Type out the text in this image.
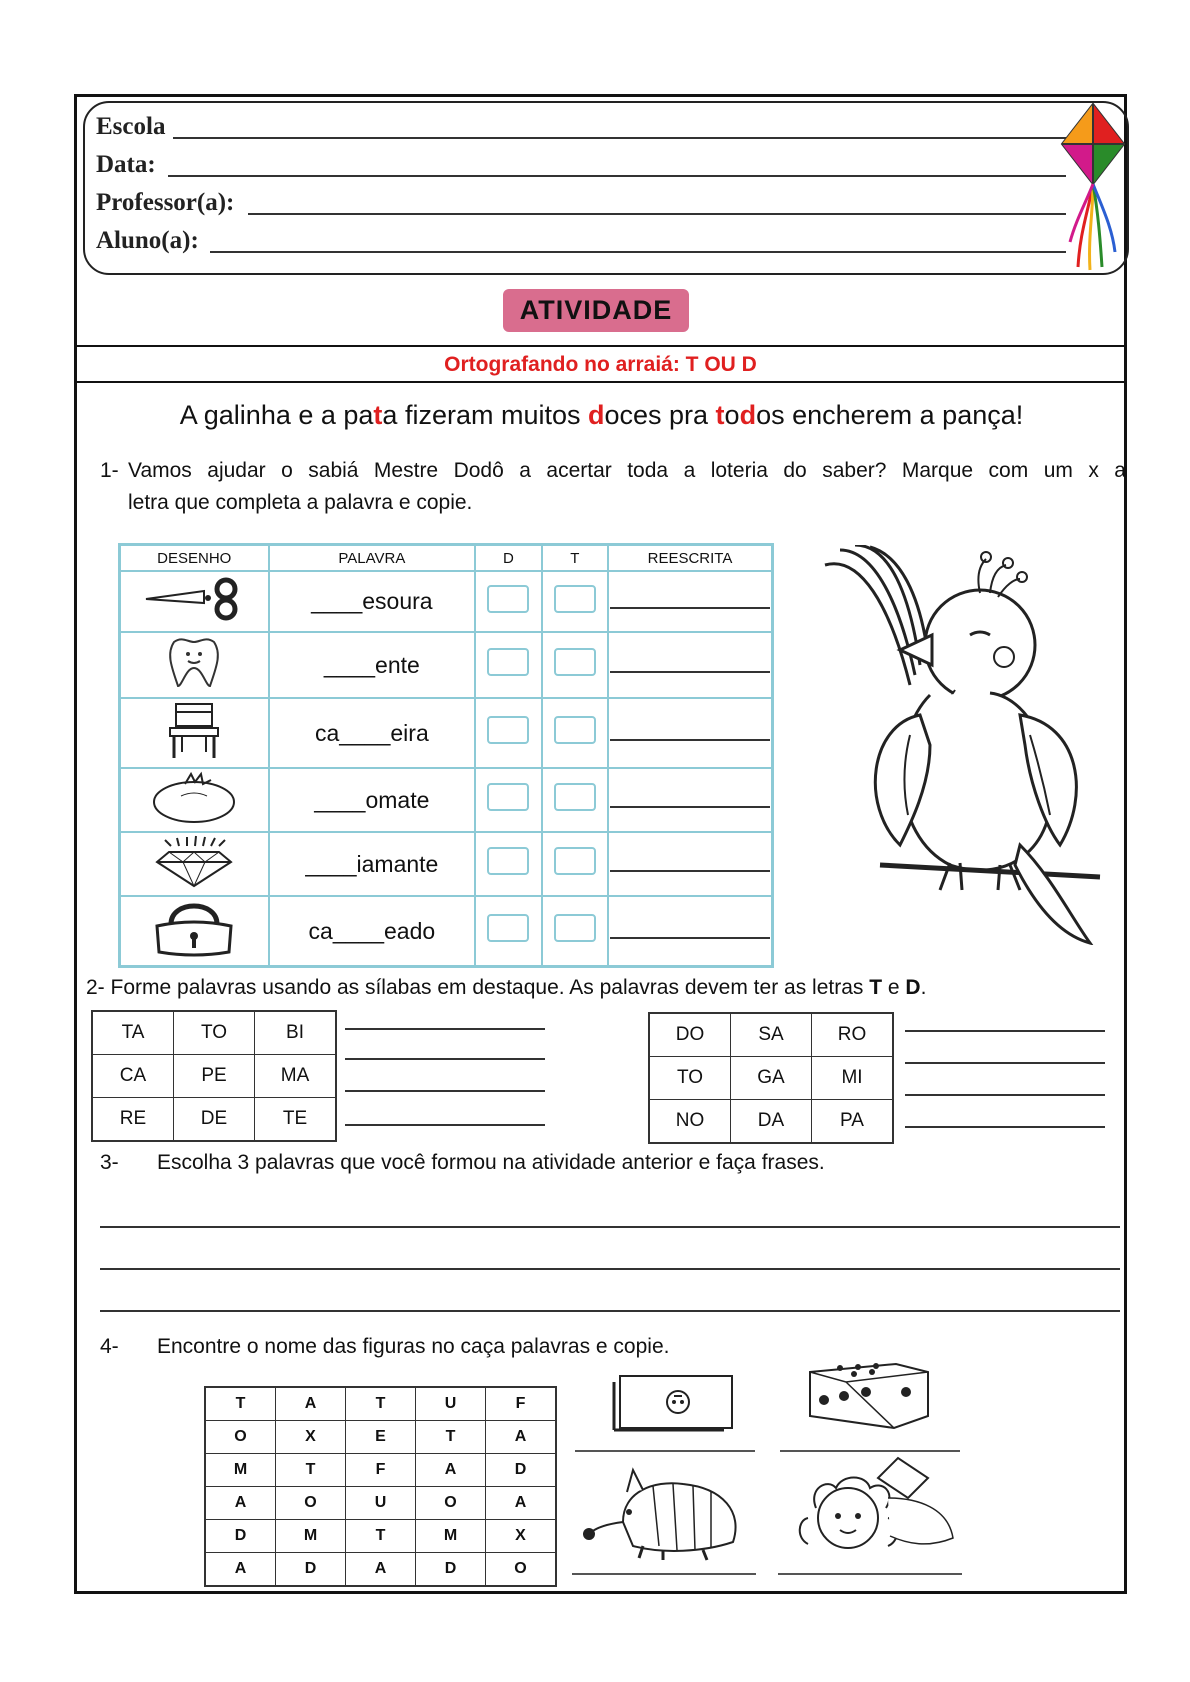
Escola
Data:
Professor(a):
Aluno(a):
ATIVIDADE
Ortografando no arraiá: T OU D
A galinha e a pata fizeram muitos doces pra todos encherem a pança!
1- Vamos ajudar o sabiá Mestre Dodô a acertar toda a loteria do saber? Marque com um x a
letra que completa a palavra e copie.
DESENHO	PALAVRA	D	T	REESCRITA
	____esoura			
	____ente			
	ca____eira			
	____omate			
	____iamante			
	ca____eado			
2- Forme palavras usando as sílabas em destaque. As palavras devem ter as letras T e D.
TA	TO	BI
CA	PE	MA
RE	DE	TE
DO	SA	RO
TO	GA	MI
NO	DA	PA
3- Escolha 3 palavras que você formou na atividade anterior e faça frases.
4- Encontre o nome das figuras no caça palavras e copie.
T	A	T	U	F
O	X	E	T	A
M	T	F	A	D
A	O	U	O	A
D	M	T	M	X
A	D	A	D	O
